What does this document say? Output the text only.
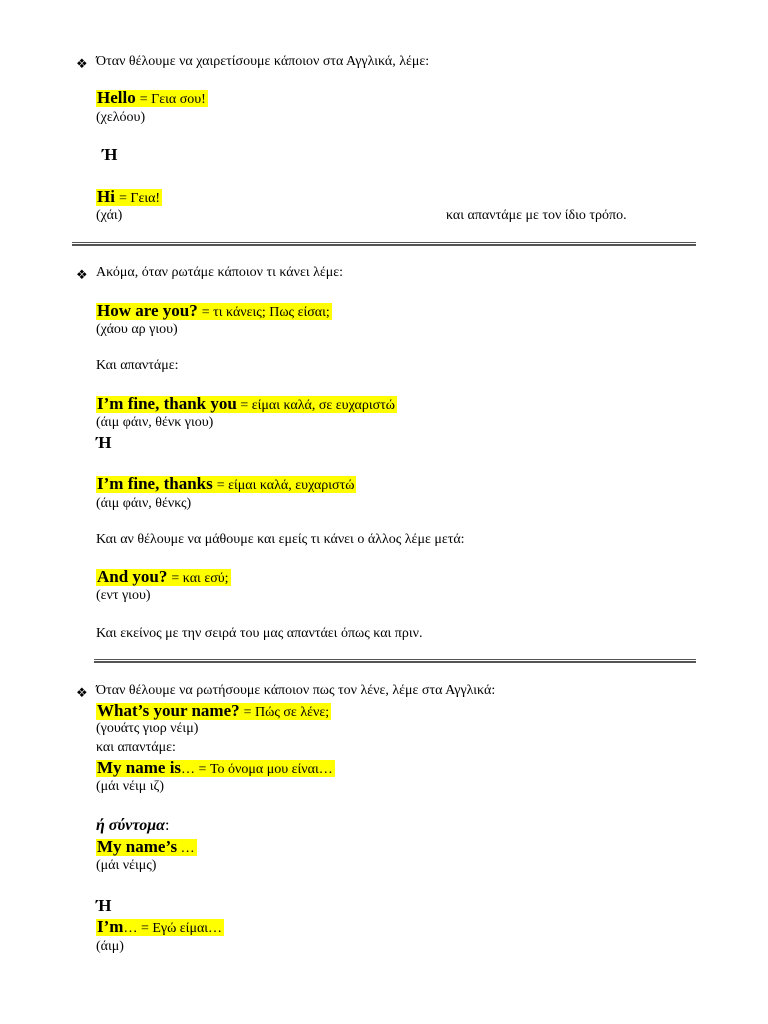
❖ Όταν θέλουμε να χαιρετίσουμε κάποιον στα Αγγλικά, λέμε:
Hello = Γεια σου!
(χελόου)
Ή
Hi = Γεια!
(χάι)	και απαντάμε με τον ίδιο τρόπο.
❖ Ακόμα, όταν ρωτάμε κάποιον τι κάνει λέμε:
How are you? = τι κάνεις; Πως είσαι;
(χάου αρ γιου)
Και απαντάμε:
I’m fine, thank you = είμαι καλά, σε ευχαριστώ
(άιμ φάιν, θένκ γιου)
Ή
I’m fine, thanks = είμαι καλά, ευχαριστώ
(άιμ φάιν, θένκς)
Και αν θέλουμε να μάθουμε και εμείς τι κάνει ο άλλος λέμε μετά:
And you? = και εσύ;
(εντ γιου)
Και εκείνος με την σειρά του μας απαντάει όπως και πριν.
❖ Όταν θέλουμε να ρωτήσουμε κάποιον πως τον λένε, λέμε στα Αγγλικά:
What’s your name? = Πώς σε λένε;
(γουάτς γιορ νέιμ)
και απαντάμε:
My name is… = Το όνομα μου είναι…
(μάι νέιμ ιζ)
ή σύντομα:
My name’s …
(μάι νέιμς)
Ή
I’m… = Εγώ είμαι…
(άιμ)
